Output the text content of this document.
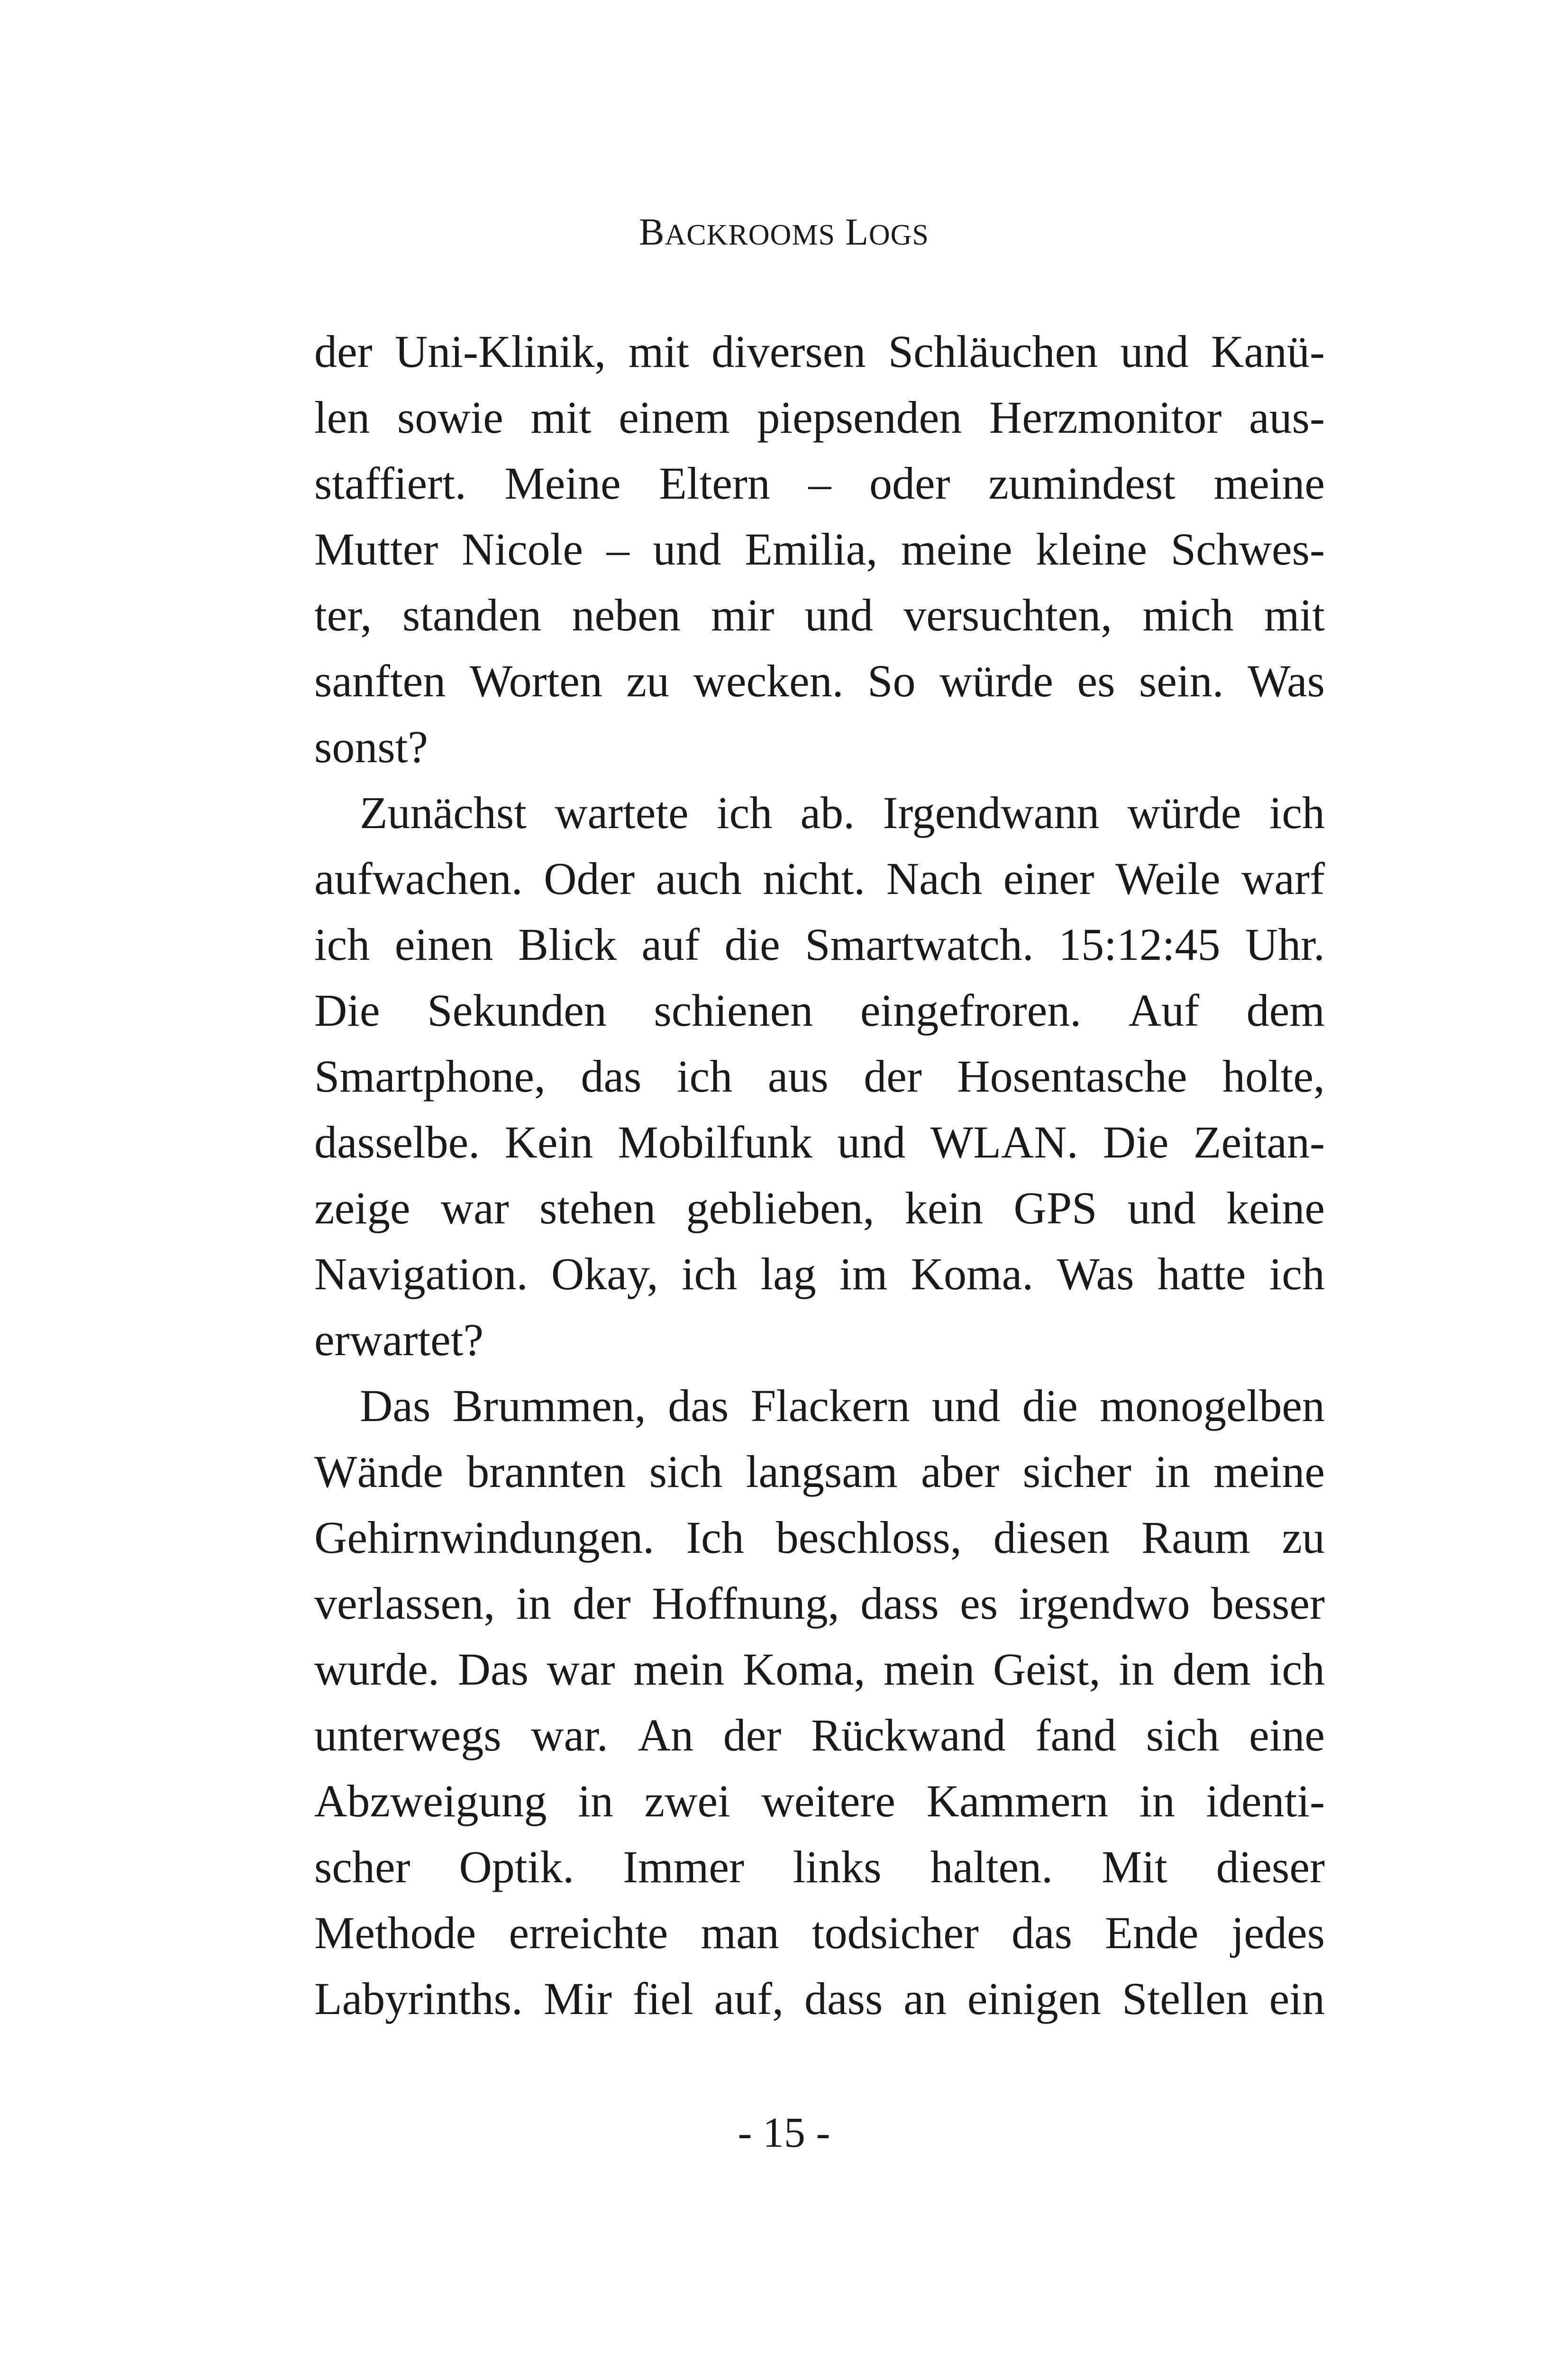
BACKROOMS LOGS
der Uni-Klinik, mit diversen Schläuchen und Kanü-
len sowie mit einem piepsenden Herzmonitor aus-
staffiert. Meine Eltern – oder zumindest meine
Mutter Nicole – und Emilia, meine kleine Schwes-
ter, standen neben mir und versuchten, mich mit
sanften Worten zu wecken. So würde es sein. Was
sonst?
Zunächst wartete ich ab. Irgendwann würde ich
aufwachen. Oder auch nicht. Nach einer Weile warf
ich einen Blick auf die Smartwatch. 15:12:45 Uhr.
Die Sekunden schienen eingefroren. Auf dem
Smartphone, das ich aus der Hosentasche holte,
dasselbe. Kein Mobilfunk und WLAN. Die Zeitan-
zeige war stehen geblieben, kein GPS und keine
Navigation. Okay, ich lag im Koma. Was hatte ich
erwartet?
Das Brummen, das Flackern und die monogelben
Wände brannten sich langsam aber sicher in meine
Gehirnwindungen. Ich beschloss, diesen Raum zu
verlassen, in der Hoffnung, dass es irgendwo besser
wurde. Das war mein Koma, mein Geist, in dem ich
unterwegs war. An der Rückwand fand sich eine
Abzweigung in zwei weitere Kammern in identi-
scher Optik. Immer links halten. Mit dieser
Methode erreichte man todsicher das Ende jedes
Labyrinths. Mir fiel auf, dass an einigen Stellen ein
- 15 -
